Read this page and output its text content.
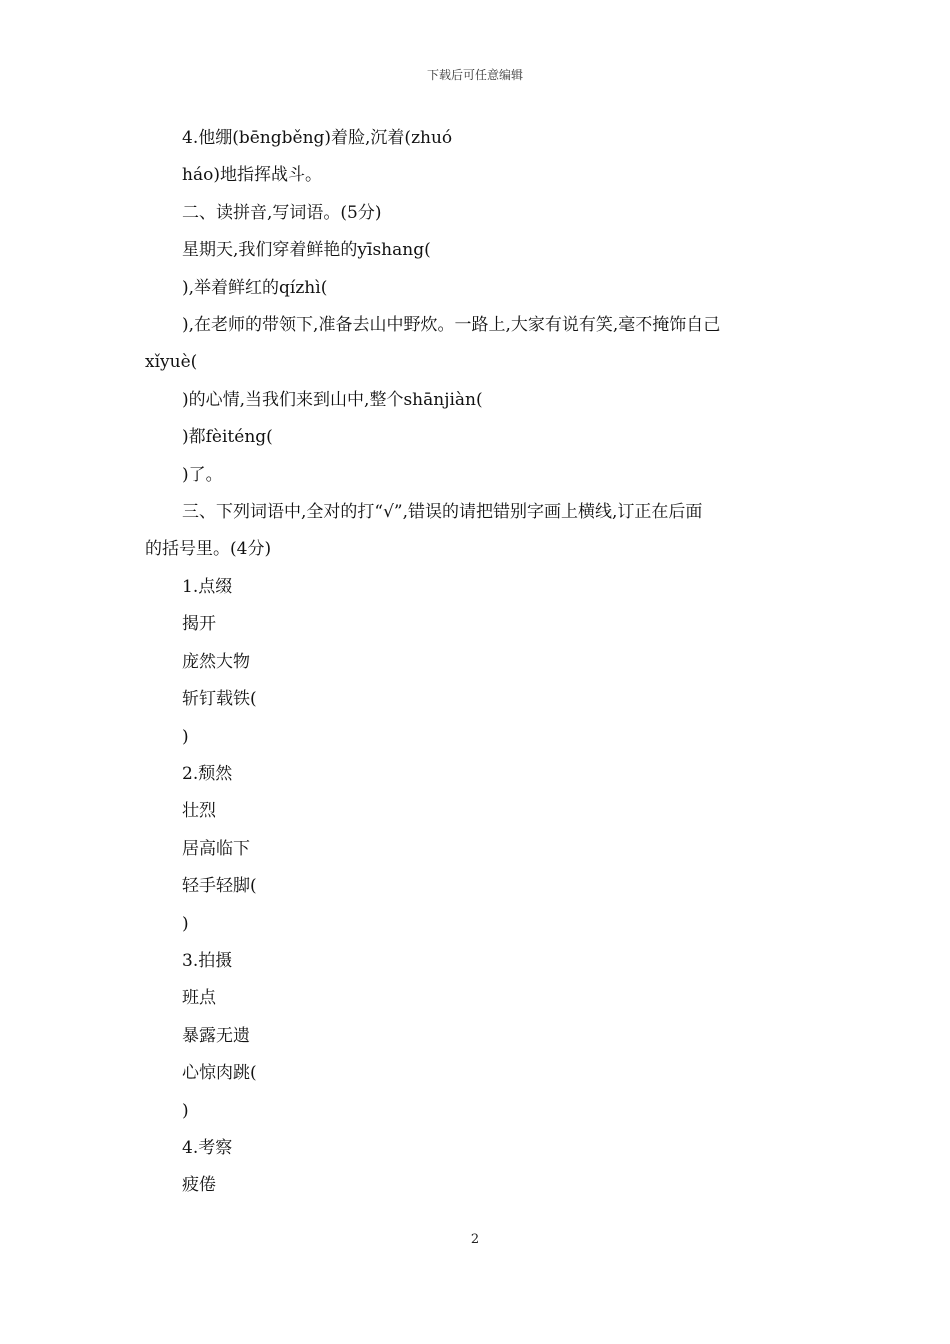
下载后可任意编辑
4.他绷(bēngběng)着脸,沉着(zhuó
háo)地指挥战斗。
二、读拼音,写词语。(5分)
星期天,我们穿着鲜艳的yīshang(
),举着鲜红的qízhì(
),在老师的带领下,准备去山中野炊。一路上,大家有说有笑,毫不掩饰自己
xǐyuè(
)的心情,当我们来到山中,整个shānjiàn(
)都fèiténg(
)了。
三、下列词语中,全对的打“√”,错误的请把错别字画上横线,订正在后面
的括号里。(4分)
1.点缀
揭开
庞然大物
斩钉载铁(
)
2.颓然
壮烈
居高临下
轻手轻脚(
)
3.拍摄
班点
暴露无遗
心惊肉跳(
)
4.考察
疲倦
2
